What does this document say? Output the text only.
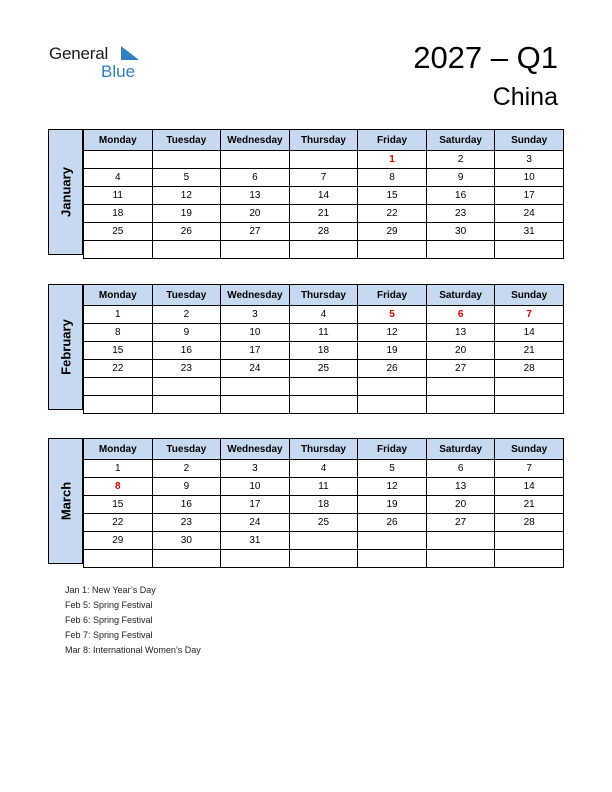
General
Blue	2027 – Q1
China
January
Monday	Tuesday	Wednesday	Thursday	Friday	Saturday	Sunday
				1	2	3
4	5	6	7	8	9	10
11	12	13	14	15	16	17
18	19	20	21	22	23	24
25	26	27	28	29	30	31

February
Monday	Tuesday	Wednesday	Thursday	Friday	Saturday	Sunday
1	2	3	4	5	6	7
8	9	10	11	12	13	14
15	16	17	18	19	20	21
22	23	24	25	26	27	28

March
Monday	Tuesday	Wednesday	Thursday	Friday	Saturday	Sunday
1	2	3	4	5	6	7
8	9	10	11	12	13	14
15	16	17	18	19	20	21
22	23	24	25	26	27	28
29	30	31				

Jan 1: New Year’s Day
Feb 5: Spring Festival
Feb 6: Spring Festival
Feb 7: Spring Festival
Mar 8: International Women’s Day
